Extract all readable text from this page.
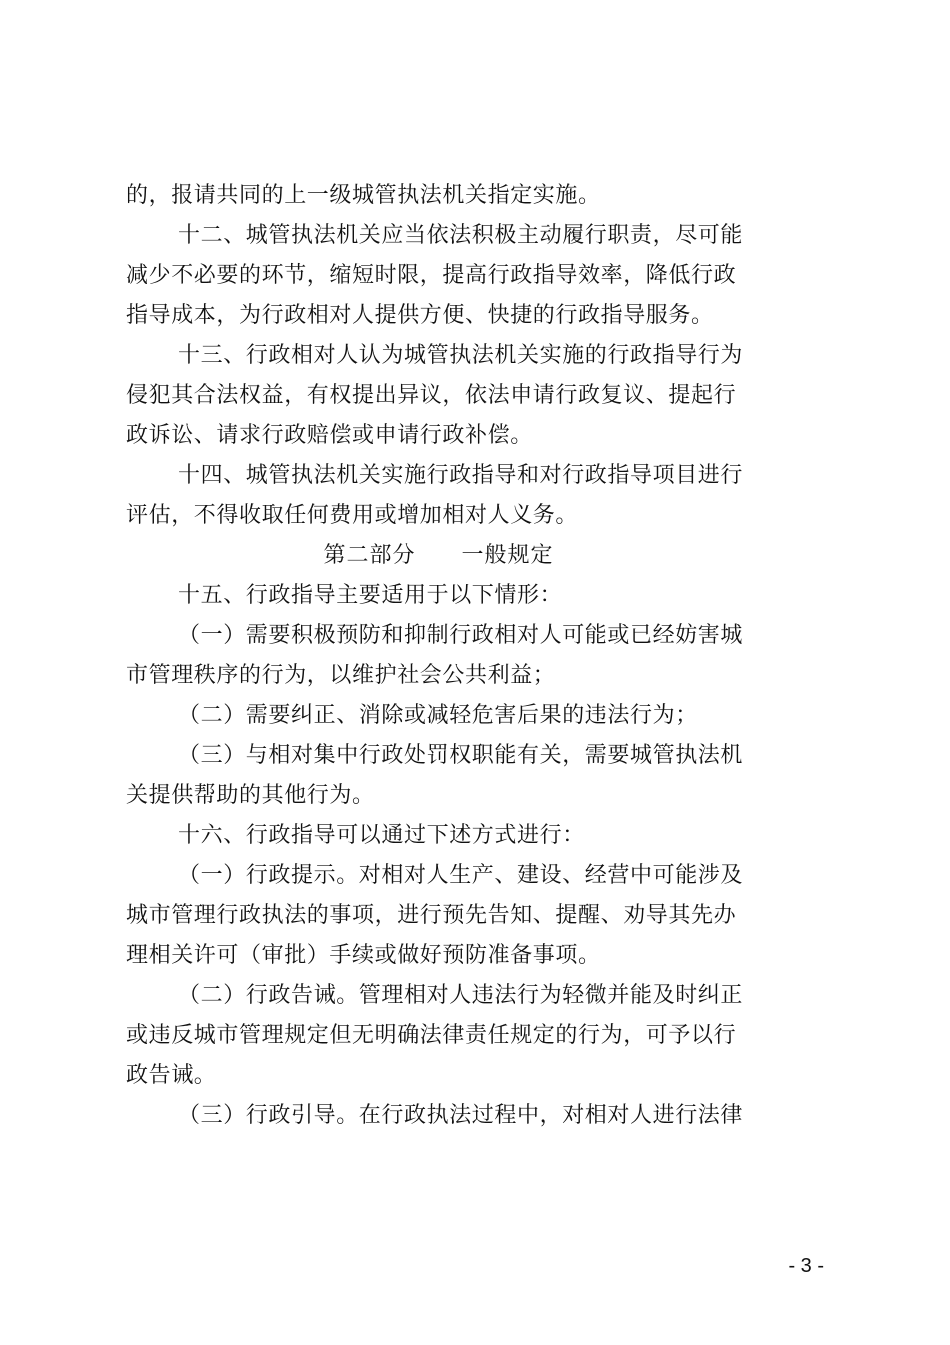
的，报请共同的上一级城管执法机关指定实施。
十二、城管执法机关应当依法积极主动履行职责，尽可能
减少不必要的环节，缩短时限，提高行政指导效率，降低行政
指导成本，为行政相对人提供方便、快捷的行政指导服务。
十三、行政相对人认为城管执法机关实施的行政指导行为
侵犯其合法权益，有权提出异议，依法申请行政复议、提起行
政诉讼、请求行政赔偿或申请行政补偿。
十四、城管执法机关实施行政指导和对行政指导项目进行
评估，不得收取任何费用或增加相对人义务。
第二部分　　一般规定
十五、行政指导主要适用于以下情形：
（一）需要积极预防和抑制行政相对人可能或已经妨害城
市管理秩序的行为，以维护社会公共利益；
（二）需要纠正、消除或减轻危害后果的违法行为；
（三）与相对集中行政处罚权职能有关，需要城管执法机
关提供帮助的其他行为。
十六、行政指导可以通过下述方式进行：
（一）行政提示。对相对人生产、建设、经营中可能涉及
城市管理行政执法的事项，进行预先告知、提醒、劝导其先办
理相关许可（审批）手续或做好预防准备事项。
（二）行政告诫。管理相对人违法行为轻微并能及时纠正
或违反城市管理规定但无明确法律责任规定的行为，可予以行
政告诫。
（三）行政引导。在行政执法过程中，对相对人进行法律
- 3 -
